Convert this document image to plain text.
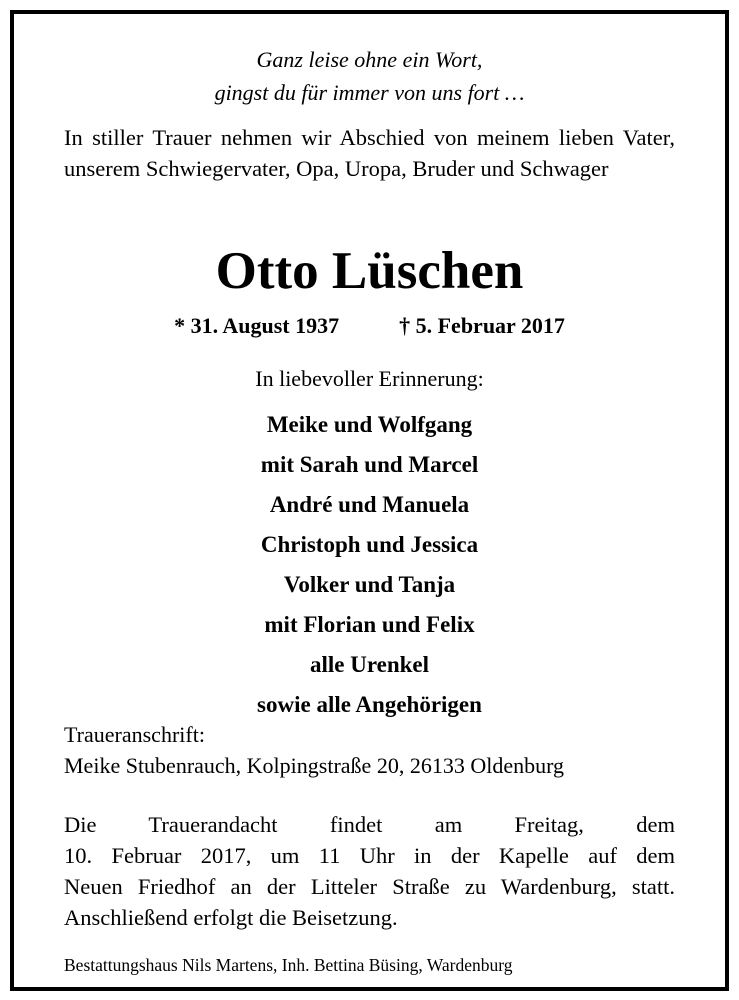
Ganz leise ohne ein Wort,
gingst du für immer von uns fort …
In stiller Trauer nehmen wir Abschied von meinem lieben Vater, unserem Schwiegervater, Opa, Uropa, Bruder und Schwager
Otto Lüschen
* 31. August 1937	† 5. Februar 2017
In liebevoller Erinnerung:
Meike und Wolfgang
mit Sarah und Marcel
André und Manuela
Christoph und Jessica
Volker und Tanja
mit Florian und Felix
alle Urenkel
sowie alle Angehörigen
Traueranschrift:
Meike Stubenrauch, Kolpingstraße 20, 26133 Oldenburg
Die Trauerandacht findet am Freitag, dem
10. Februar 2017, um 11 Uhr in der Kapelle auf dem
Neuen Friedhof an der Litteler Straße zu Wardenburg, statt.
Anschließend erfolgt die Beisetzung.
Bestattungshaus Nils Martens, Inh. Bettina Büsing, Wardenburg
